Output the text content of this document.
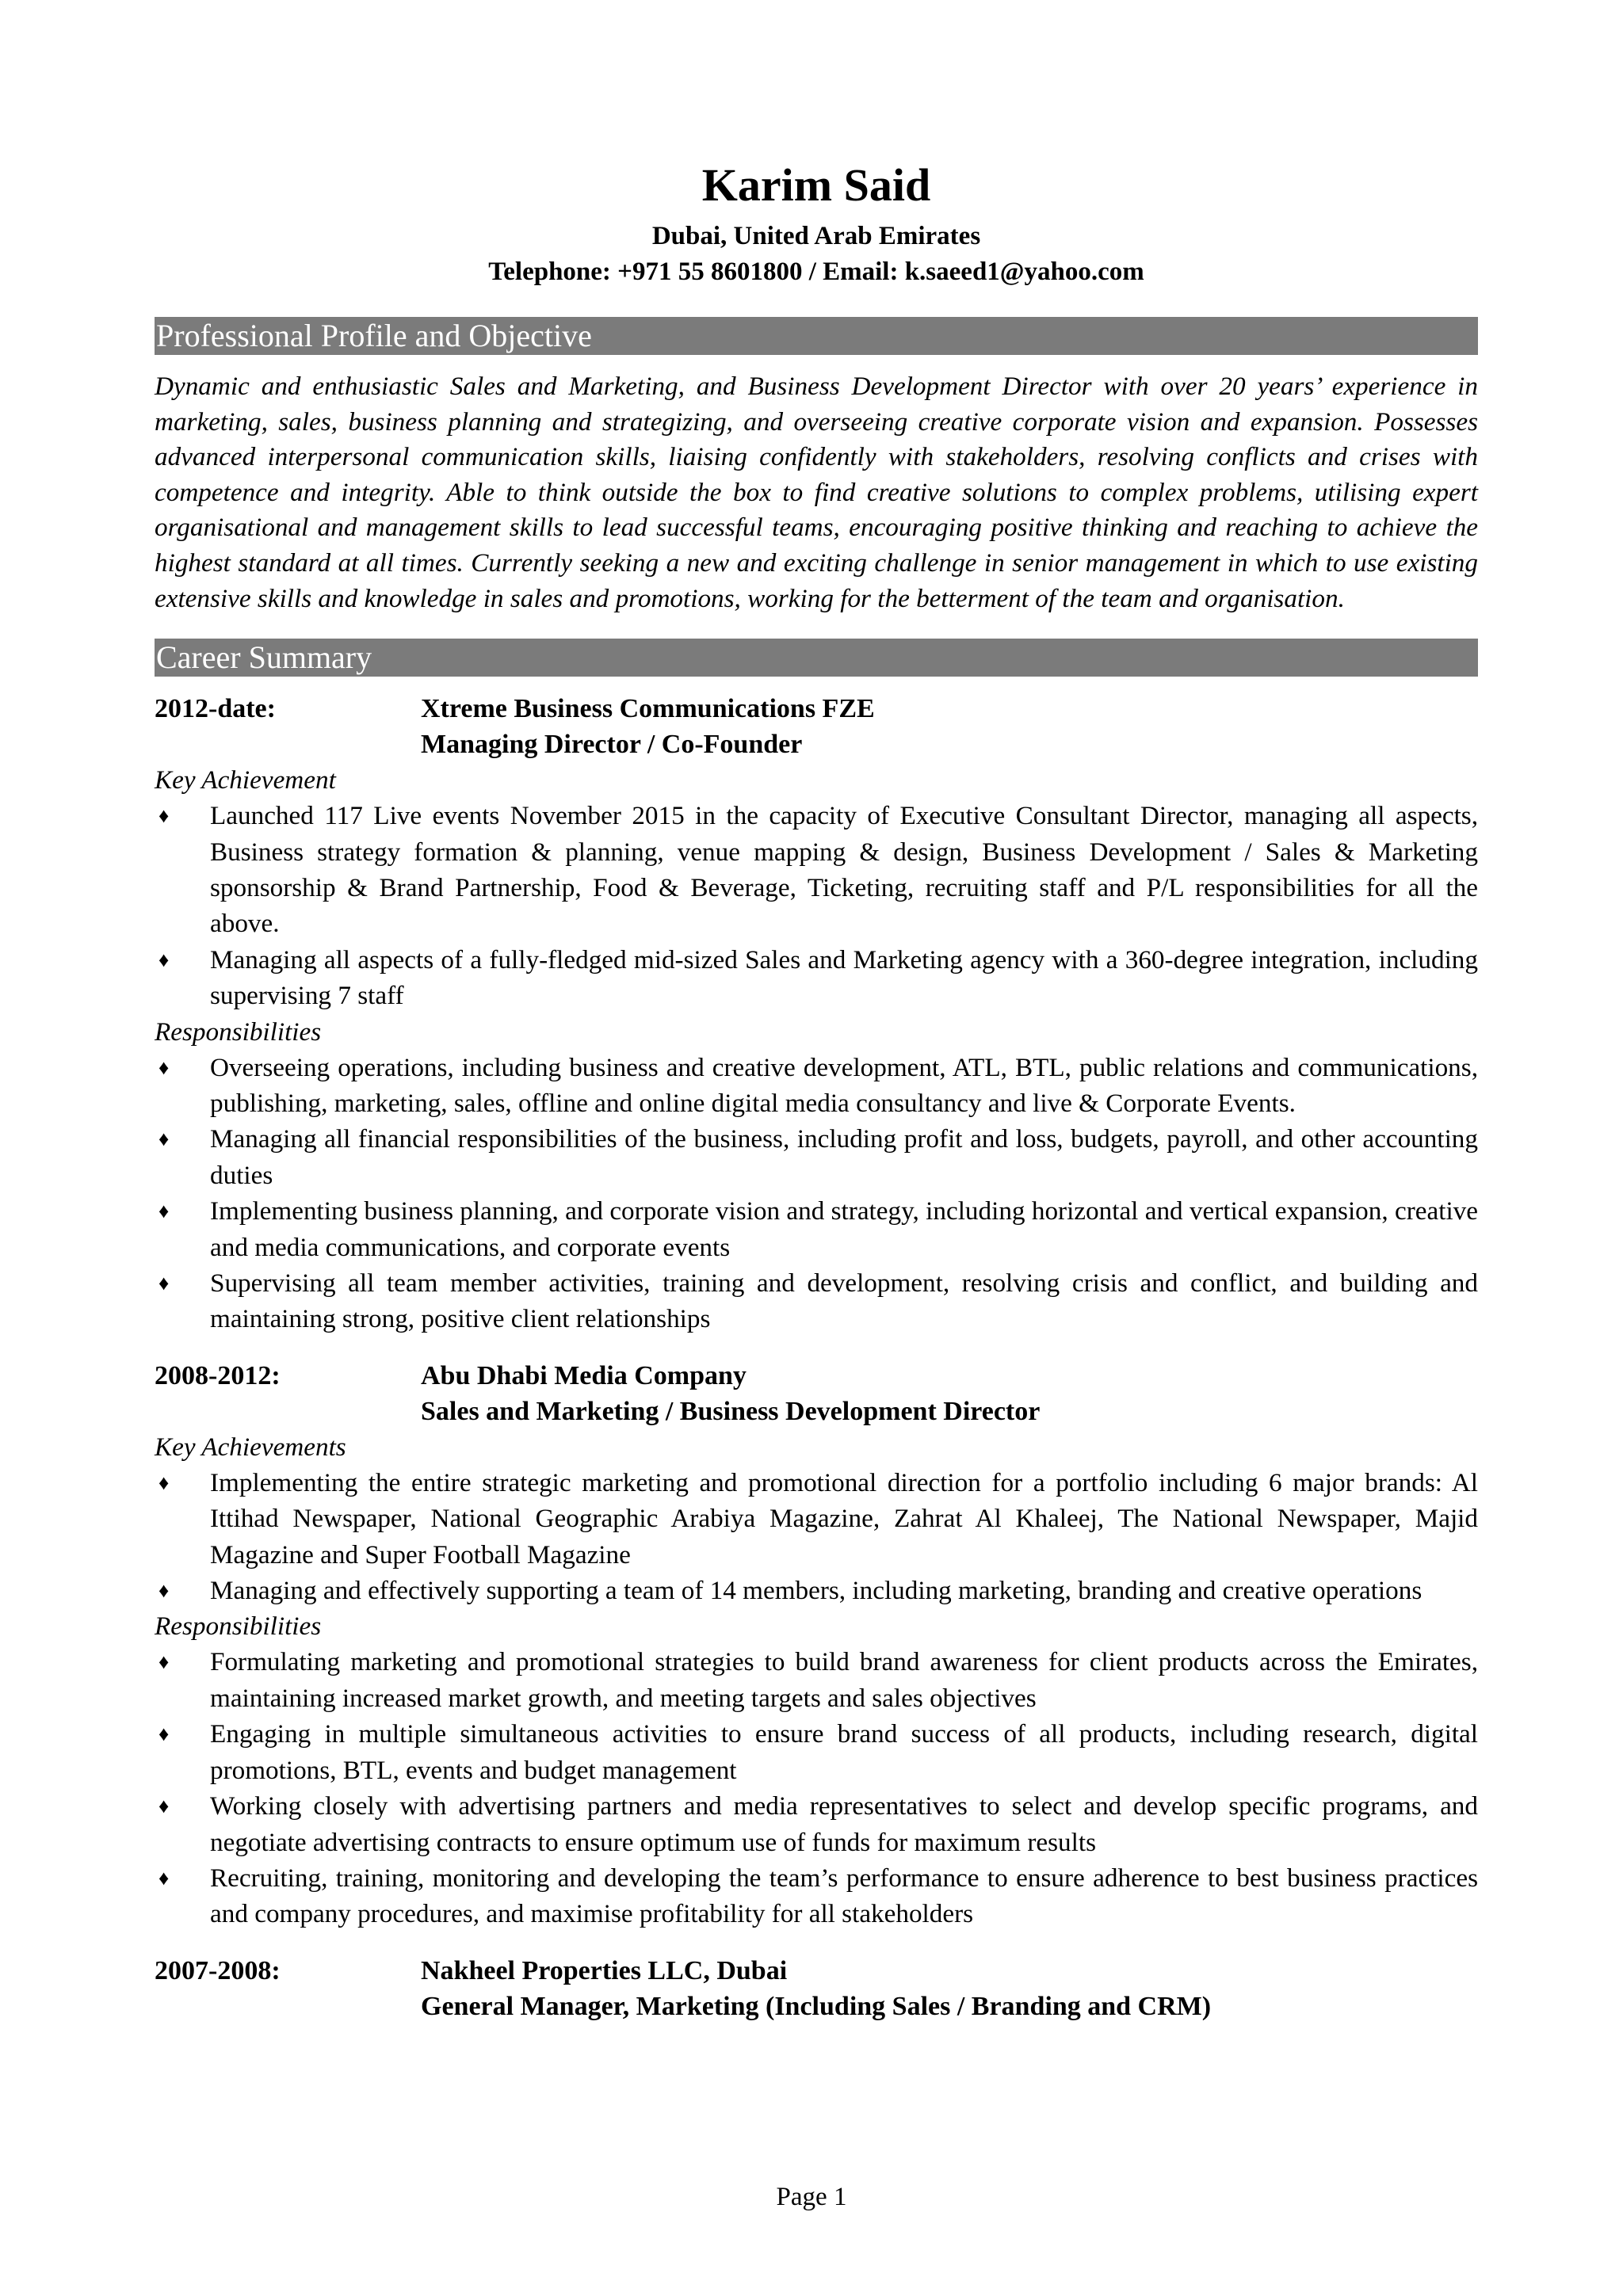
Karim Said

Dubai, United Arab Emirates

Telephone: +971 55 8601800 / Email: k.saeed1@yahoo.com

Professional Profile and Objective

Dynamic and enthusiastic Sales and Marketing, and Business Development Director with over 20 years’ experience in marketing, sales, business planning and strategizing, and overseeing creative corporate vision and expansion. Possesses advanced interpersonal communication skills, liaising confidently with stakeholders, resolving conflicts and crises with competence and integrity. Able to think outside the box to find creative solutions to complex problems, utilising expert organisational and management skills to lead successful teams, encouraging positive thinking and reaching to achieve the highest standard at all times. Currently seeking a new and exciting challenge in senior management in which to use existing extensive skills and knowledge in sales and promotions, working for the betterment of the team and organisation.

Career Summary
2012-date:	Xtreme Business Communications FZE
Managing Director / Co-Founder
Key Achievement
♦ Launched 117 Live events November 2015 in the capacity of Executive Consultant Director, managing all aspects, Business strategy formation & planning, venue mapping & design, Business Development / Sales & Marketing sponsorship & Brand Partnership, Food & Beverage, Ticketing, recruiting staff and P/L responsibilities for all the above.
♦ Managing all aspects of a fully-fledged mid-sized Sales and Marketing agency with a 360-degree integration, including supervising 7 staff
Responsibilities
♦ Overseeing operations, including business and creative development, ATL, BTL, public relations and communications, publishing, marketing, sales, offline and online digital media consultancy and live & Corporate Events.
♦ Managing all financial responsibilities of the business, including profit and loss, budgets, payroll, and other accounting duties
♦ Implementing business planning, and corporate vision and strategy, including horizontal and vertical expansion, creative and media communications, and corporate events
♦ Supervising all team member activities, training and development, resolving crisis and conflict, and building and maintaining strong, positive client relationships
2008-2012:	Abu Dhabi Media Company
Sales and Marketing / Business Development Director
Key Achievements
♦ Implementing the entire strategic marketing and promotional direction for a portfolio including 6 major brands: Al Ittihad Newspaper, National Geographic Arabiya Magazine, Zahrat Al Khaleej, The National Newspaper, Majid Magazine and Super Football Magazine
♦ Managing and effectively supporting a team of 14 members, including marketing, branding and creative operations
Responsibilities
♦ Formulating marketing and promotional strategies to build brand awareness for client products across the Emirates, maintaining increased market growth, and meeting targets and sales objectives
♦ Engaging in multiple simultaneous activities to ensure brand success of all products, including research, digital promotions, BTL, events and budget management
♦ Working closely with advertising partners and media representatives to select and develop specific programs, and negotiate advertising contracts to ensure optimum use of funds for maximum results
♦ Recruiting, training, monitoring and developing the team’s performance to ensure adherence to best business practices and company procedures, and maximise profitability for all stakeholders
2007-2008:	Nakheel Properties LLC, Dubai
General Manager, Marketing (Including Sales / Branding and CRM)
Page 1
